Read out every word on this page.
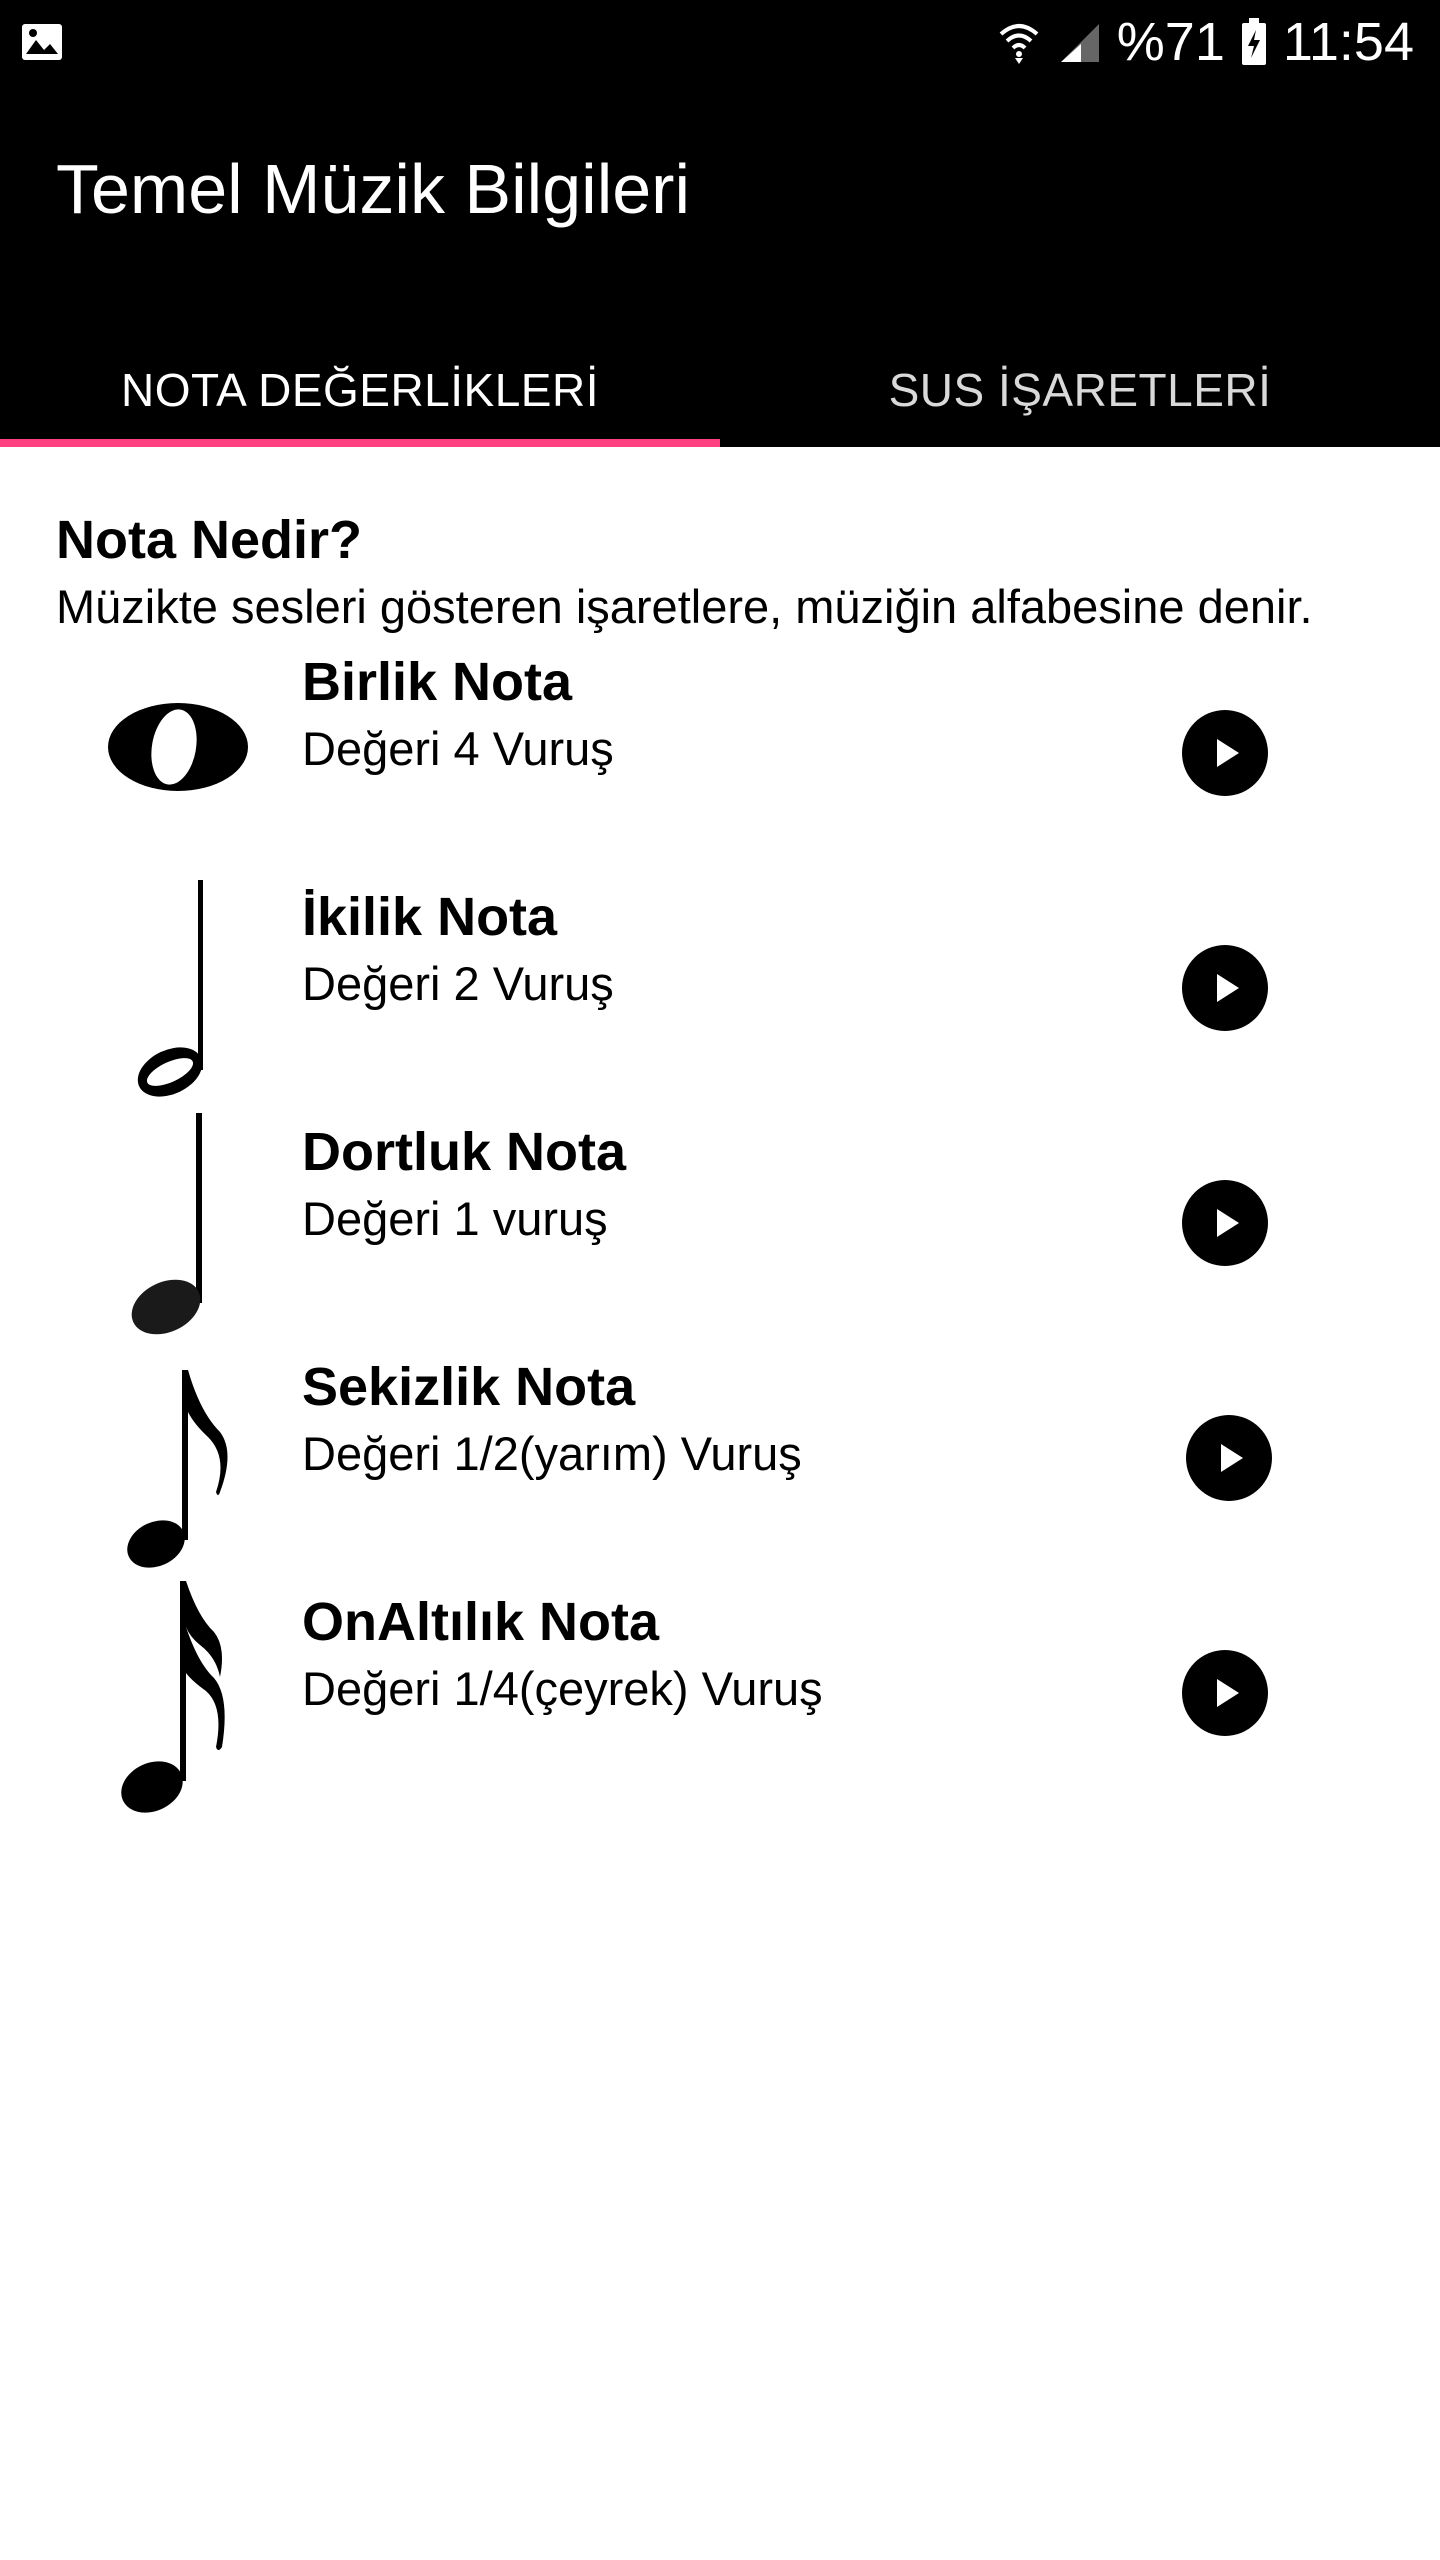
%71 11:54
Temel Müzik Bilgileri
NOTA DEĞERLİKLERİ	SUS İŞARETLERİ
Nota Nedir?

Müzikte sesleri gösteren işaretlere, müziğin alfabesine denir.

Birlik Nota
Değeri 4 Vuruş
İkilik Nota
Değeri 2 Vuruş
Dortluk Nota
Değeri 1 vuruş
Sekizlik Nota
Değeri 1/2(yarım) Vuruş
OnAltılık Nota
Değeri 1/4(çeyrek) Vuruş
